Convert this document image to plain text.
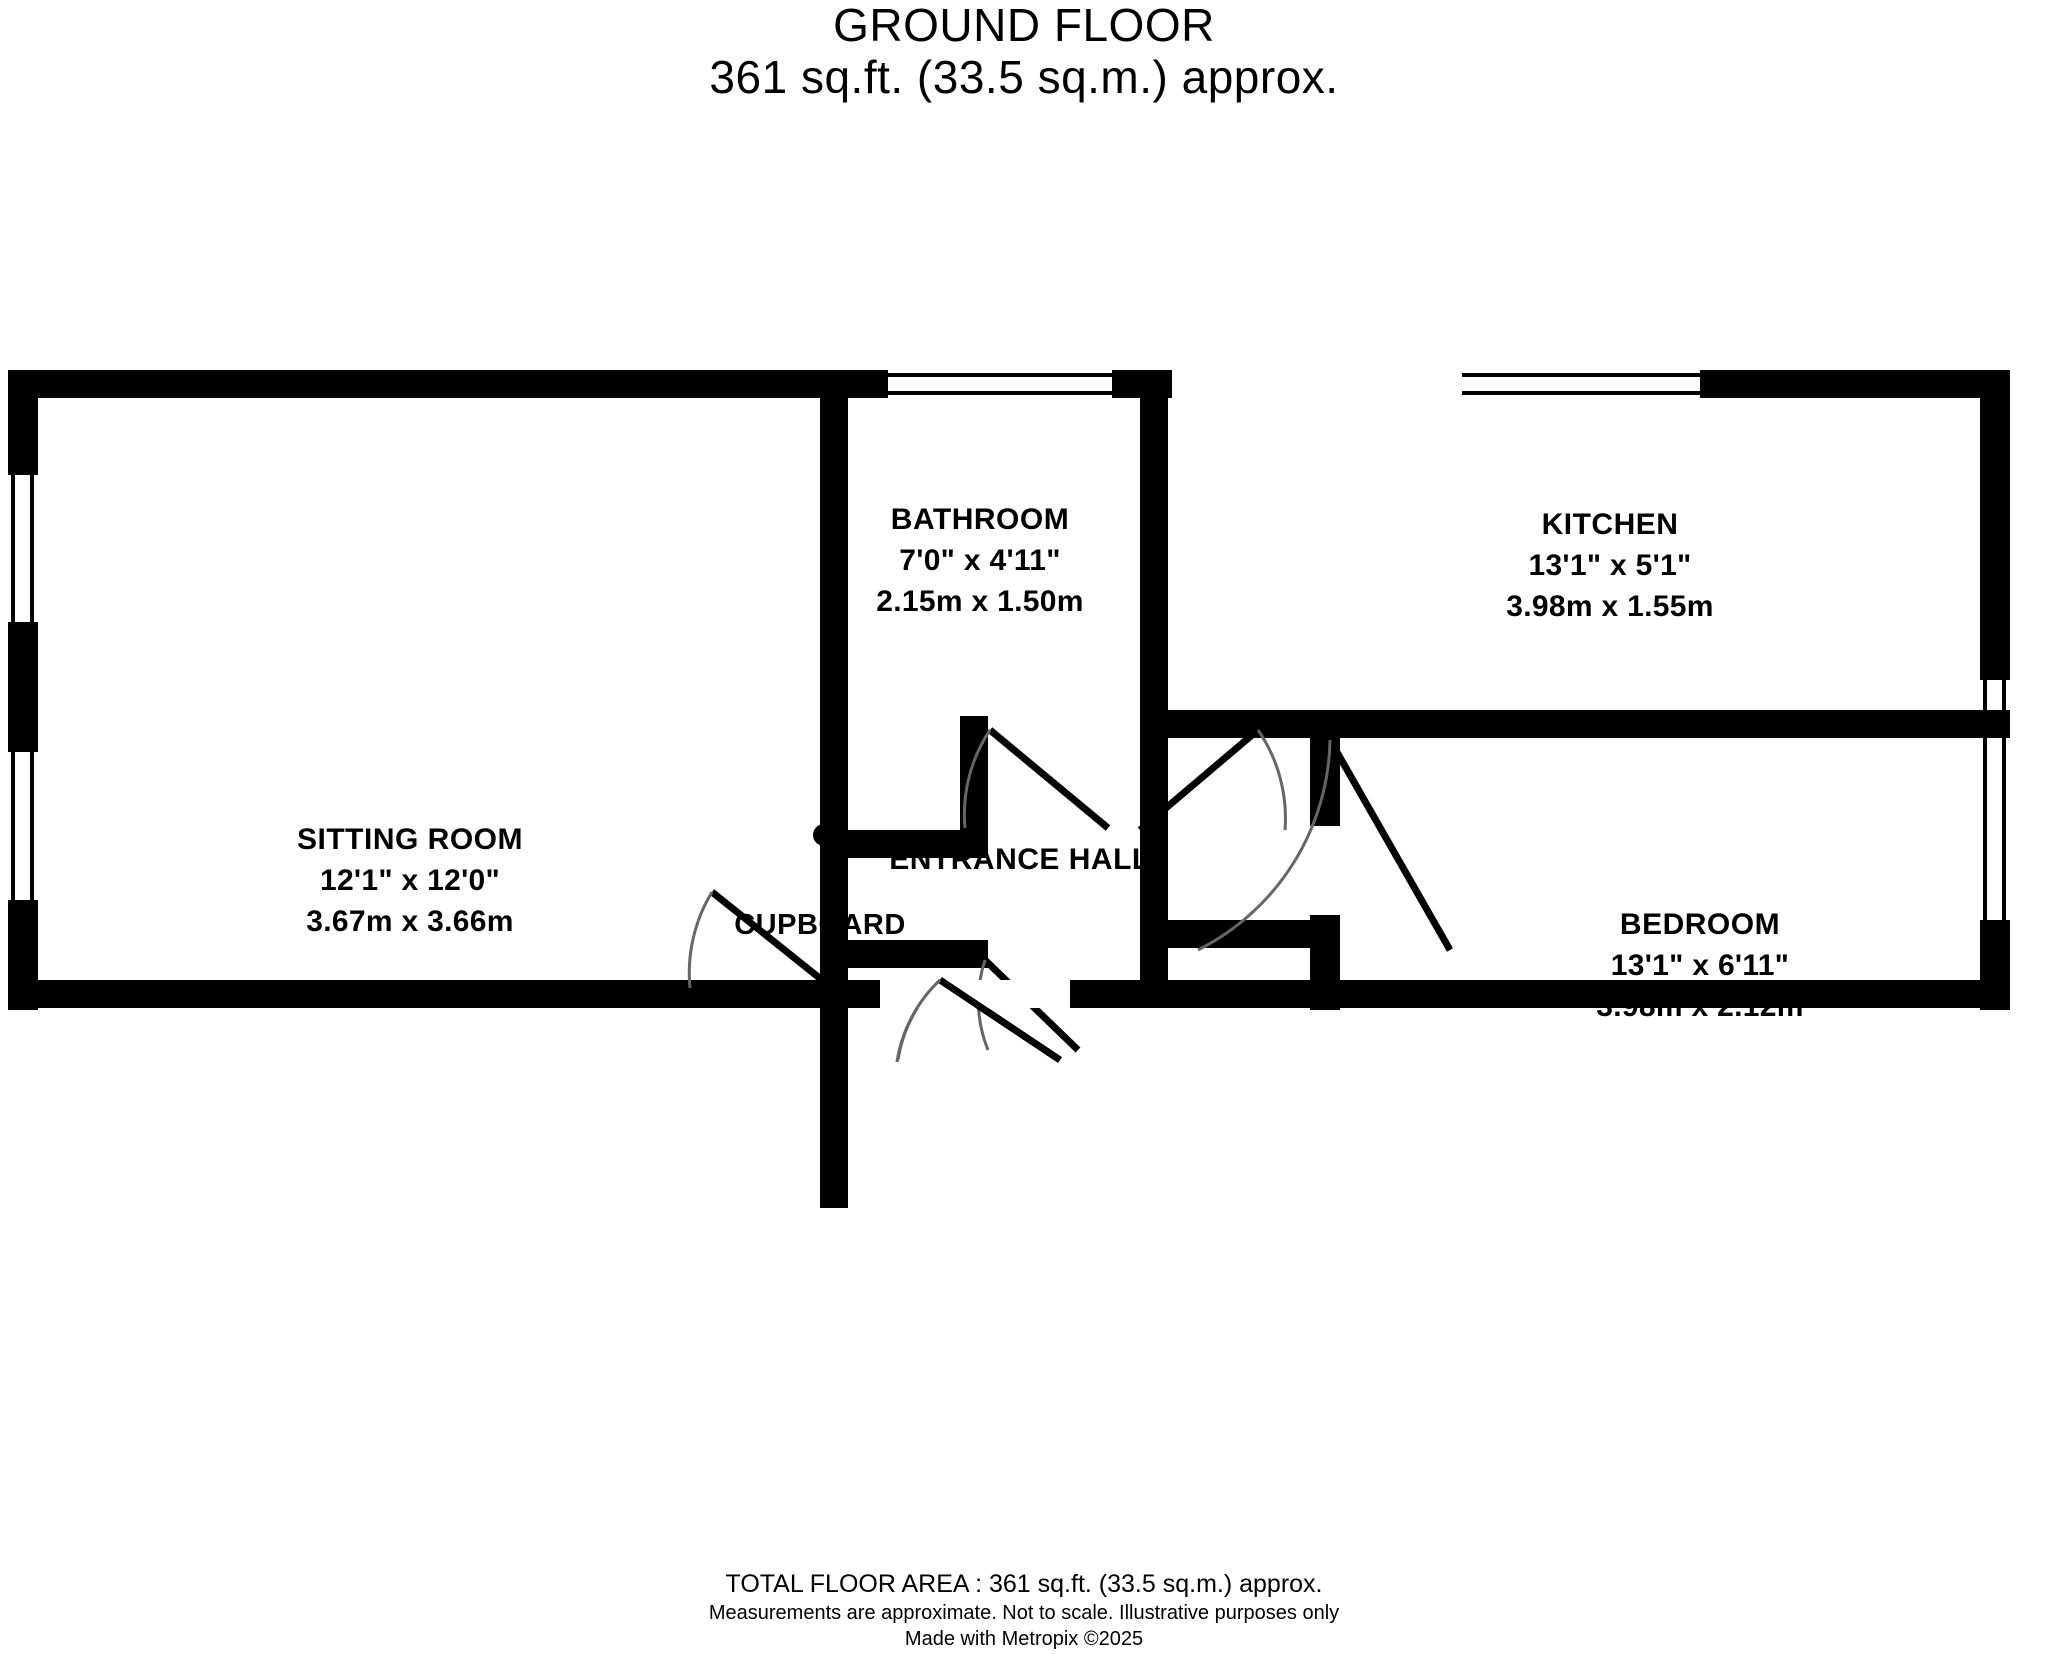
GROUND FLOOR
361 sq.ft. (33.5 sq.m.) approx.
SITTING ROOM
12'1" x 12'0"
3.67m x 3.66m
BATHROOM
7'0" x 4'11"
2.15m x 1.50m
KITCHEN
13'1" x 5'1"
3.98m x 1.55m
BEDROOM
13'1" x 6'11"
3.98m x 2.12m
ENTRANCE HALL
CUPBOARD
TOTAL FLOOR AREA : 361 sq.ft. (33.5 sq.m.) approx.
Measurements are approximate. Not to scale. Illustrative purposes only
Made with Metropix ©2025
